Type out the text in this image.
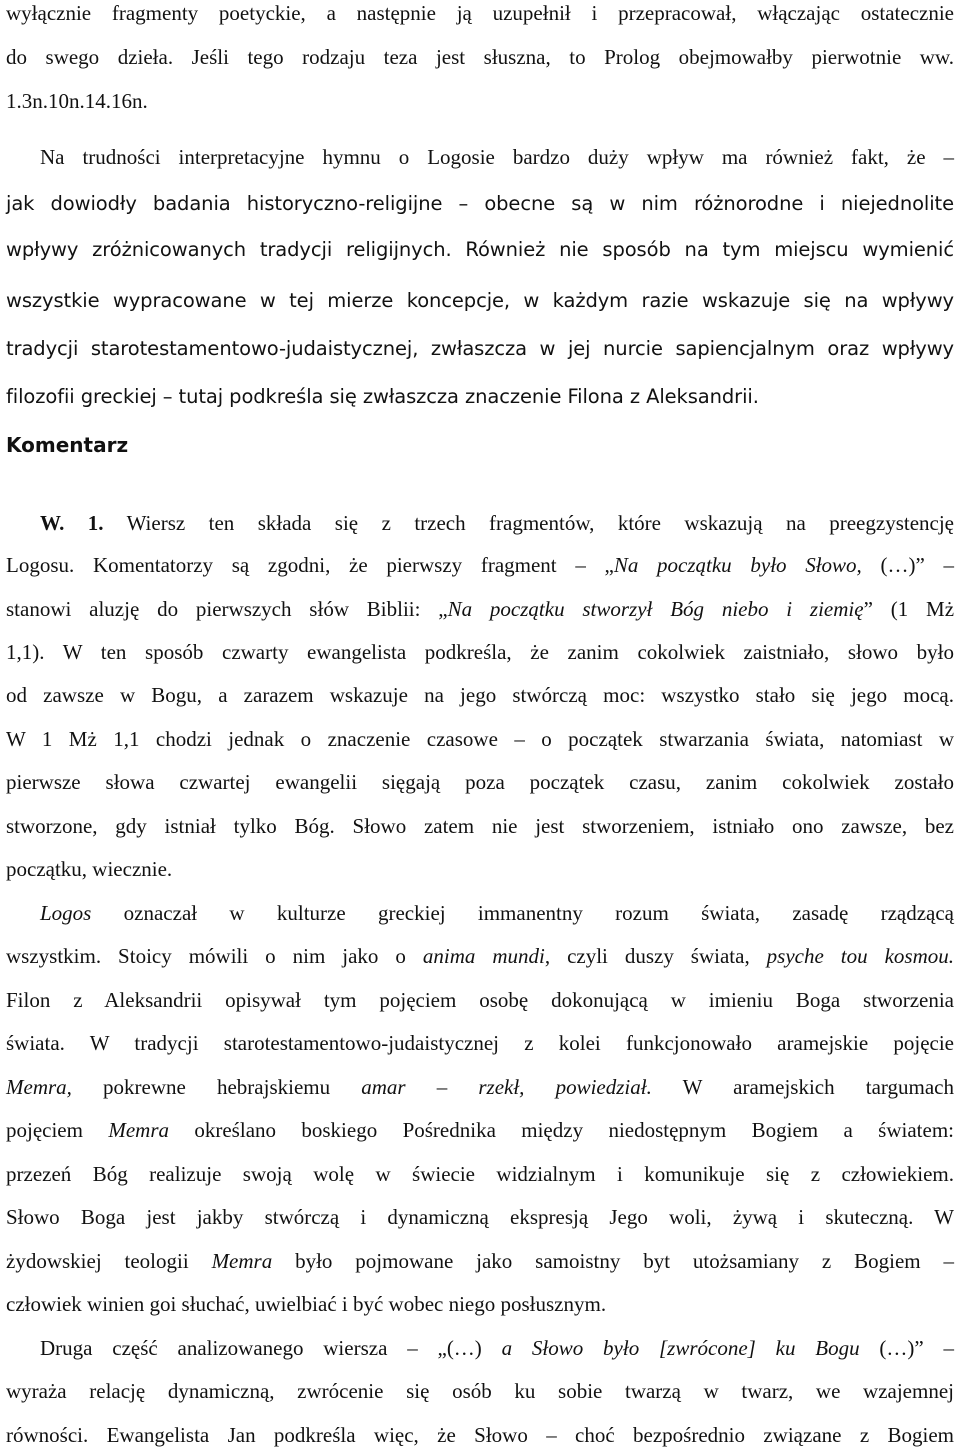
wyłącznie fragmenty poetyckie, a następnie ją uzupełnił i przepracował, włączając ostatecznie
do swego dzieła. Jeśli tego rodzaju teza jest słuszna, to Prolog obejmowałby pierwotnie ww.
1.3n.10n.14.16n.
Na trudności interpretacyjne hymnu o Logosie bardzo duży wpływ ma również fakt, że –
jak dowiodły badania historyczno-religijne – obecne są w nim różnorodne i niejednolite
wpływy zróżnicowanych tradycji religijnych. Również nie sposób na tym miejscu wymienić
wszystkie wypracowane w tej mierze koncepcje, w każdym razie wskazuje się na wpływy
tradycji starotestamentowo-judaistycznej, zwłaszcza w jej nurcie sapiencjalnym oraz wpływy
filozofii greckiej – tutaj podkreśla się zwłaszcza znaczenie Filona z Aleksandrii.
Komentarz
W. 1. Wiersz ten składa się z trzech fragmentów, które wskazują na preegzystencję
Logosu. Komentatorzy są zgodni, że pierwszy fragment – „Na początku było Słowo, (…)” –
stanowi aluzję do pierwszych słów Biblii: „Na początku stworzył Bóg niebo i ziemię” (1 Mż
1,1). W ten sposób czwarty ewangelista podkreśla, że zanim cokolwiek zaistniało, słowo było
od zawsze w Bogu, a zarazem wskazuje na jego stwórczą moc: wszystko stało się jego mocą.
W 1 Mż 1,1 chodzi jednak o znaczenie czasowe – o początek stwarzania świata, natomiast w
pierwsze słowa czwartej ewangelii sięgają poza początek czasu, zanim cokolwiek zostało
stworzone, gdy istniał tylko Bóg. Słowo zatem nie jest stworzeniem, istniało ono zawsze, bez
początku, wiecznie.
Logos oznaczał w kulturze greckiej immanentny rozum świata, zasadę rządzącą
wszystkim. Stoicy mówili o nim jako o anima mundi, czyli duszy świata, psyche tou kosmou.
Filon z Aleksandrii opisywał tym pojęciem osobę dokonującą w imieniu Boga stworzenia
świata. W tradycji starotestamentowo-judaistycznej z kolei funkcjonowało aramejskie pojęcie
Memra, pokrewne hebrajskiemu amar – rzekł, powiedział. W aramejskich targumach
pojęciem Memra określano boskiego Pośrednika między niedostępnym Bogiem a światem:
przezeń Bóg realizuje swoją wolę w świecie widzialnym i komunikuje się z człowiekiem.
Słowo Boga jest jakby stwórczą i dynamiczną ekspresją Jego woli, żywą i skuteczną. W
żydowskiej teologii Memra było pojmowane jako samoistny byt utożsamiany z Bogiem –
człowiek winien goi słuchać, uwielbiać i być wobec niego posłusznym.
Druga część analizowanego wiersza – „(…) a Słowo było [zwrócone] ku Bogu (…)” –
wyraża relację dynamiczną, zwrócenie się osób ku sobie twarzą w twarz, we wzajemnej
równości. Ewangelista Jan podkreśla więc, że Słowo – choć bezpośrednio związane z Bogiem
